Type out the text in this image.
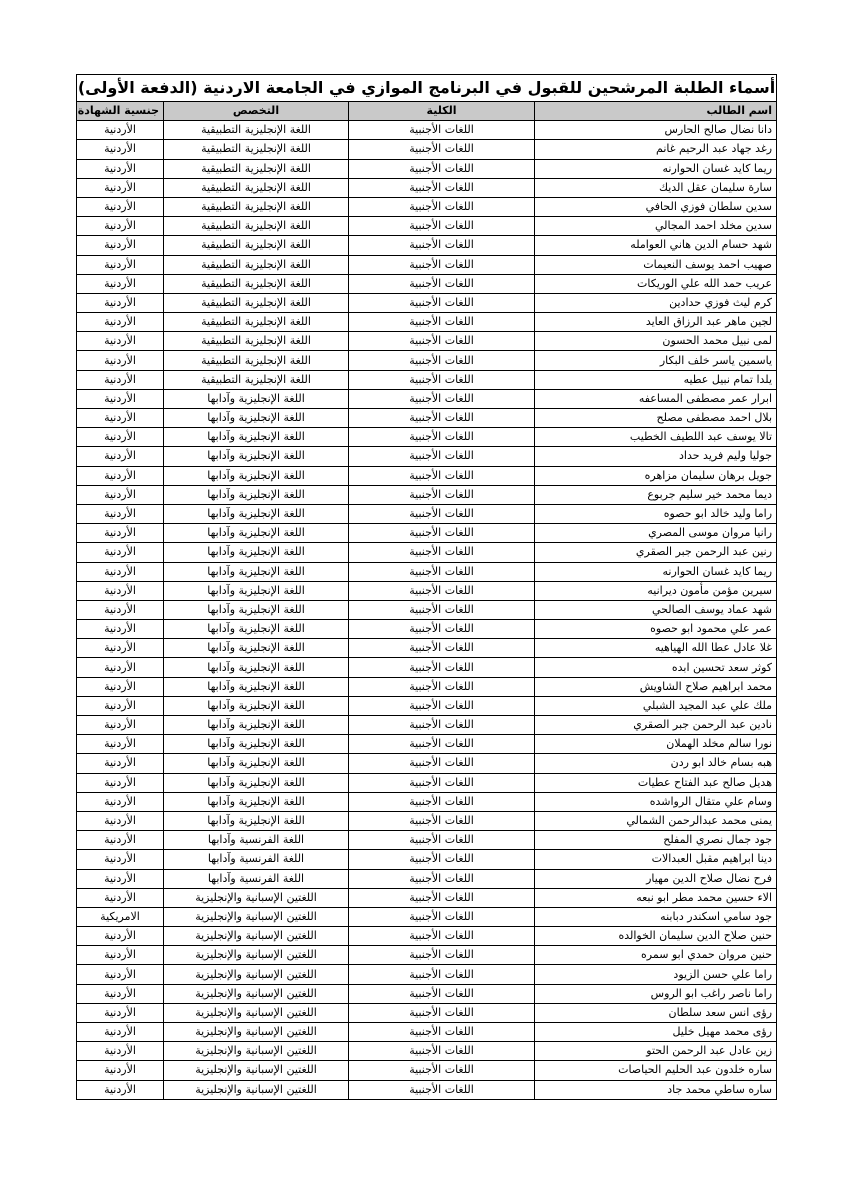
أسماء الطلبة المرشحين للقبول في البرنامج الموازي في الجامعة الاردنية (الدفعة الأولى)			
اسم الطالب	الكلية	التخصص	جنسية الشهادة
دانا نضال صالح الحارس	اللغات الأجنبية	اللغة الإنجليزية التطبيقية	الأردنية
رغد جهاد عبد الرحيم غانم	اللغات الأجنبية	اللغة الإنجليزية التطبيقية	الأردنية
ريما كايد غسان الحوارنه	اللغات الأجنبية	اللغة الإنجليزية التطبيقية	الأردنية
سارة سليمان عقل الديك	اللغات الأجنبية	اللغة الإنجليزية التطبيقية	الأردنية
سدين سلطان فوزي الحافي	اللغات الأجنبية	اللغة الإنجليزية التطبيقية	الأردنية
سدين مخلد احمد المجالي	اللغات الأجنبية	اللغة الإنجليزية التطبيقية	الأردنية
شهد حسام الدين هاني العوامله	اللغات الأجنبية	اللغة الإنجليزية التطبيقية	الأردنية
صهيب احمد يوسف النعيمات	اللغات الأجنبية	اللغة الإنجليزية التطبيقية	الأردنية
عريب حمد الله علي الوريكات	اللغات الأجنبية	اللغة الإنجليزية التطبيقية	الأردنية
كرم ليث فوزي حدادين	اللغات الأجنبية	اللغة الإنجليزية التطبيقية	الأردنية
لجين ماهر عبد الرزاق العايد	اللغات الأجنبية	اللغة الإنجليزية التطبيقية	الأردنية
لمى نبيل محمد الحسون	اللغات الأجنبية	اللغة الإنجليزية التطبيقية	الأردنية
ياسمين ياسر خلف البكار	اللغات الأجنبية	اللغة الإنجليزية التطبيقية	الأردنية
يلدا تمام نبيل عطيه	اللغات الأجنبية	اللغة الإنجليزية التطبيقية	الأردنية
ابرار عمر مصطفى المساعفه	اللغات الأجنبية	اللغة الإنجليزية وآدابها	الأردنية
بلال احمد مصطفى مصلح	اللغات الأجنبية	اللغة الإنجليزية وآدابها	الأردنية
تالا يوسف عبد اللطيف الخطيب	اللغات الأجنبية	اللغة الإنجليزية وآدابها	الأردنية
جوليا وليم فريد حداد	اللغات الأجنبية	اللغة الإنجليزية وآدابها	الأردنية
جويل برهان سليمان مزاهره	اللغات الأجنبية	اللغة الإنجليزية وآدابها	الأردنية
ديما محمد خير سليم جربوع	اللغات الأجنبية	اللغة الإنجليزية وآدابها	الأردنية
راما وليد خالد ابو حصوه	اللغات الأجنبية	اللغة الإنجليزية وآدابها	الأردنية
رانيا مروان موسى المصري	اللغات الأجنبية	اللغة الإنجليزية وآدابها	الأردنية
رنين عبد الرحمن جبر الصقري	اللغات الأجنبية	اللغة الإنجليزية وآدابها	الأردنية
ريما كايد غسان الحوارنه	اللغات الأجنبية	اللغة الإنجليزية وآدابها	الأردنية
سيرين مؤمن مأمون ديرانيه	اللغات الأجنبية	اللغة الإنجليزية وآدابها	الأردنية
شهد عماد يوسف الصالحي	اللغات الأجنبية	اللغة الإنجليزية وآدابها	الأردنية
عمر علي محمود ابو حصوه	اللغات الأجنبية	اللغة الإنجليزية وآدابها	الأردنية
غلا عادل عطا الله الهياهيه	اللغات الأجنبية	اللغة الإنجليزية وآدابها	الأردنية
كوثر سعد تحسين ابده	اللغات الأجنبية	اللغة الإنجليزية وآدابها	الأردنية
محمد ابراهيم صلاح الشاويش	اللغات الأجنبية	اللغة الإنجليزية وآدابها	الأردنية
ملك علي عبد المجيد الشبلي	اللغات الأجنبية	اللغة الإنجليزية وآدابها	الأردنية
نادين عبد الرحمن جبر الصقري	اللغات الأجنبية	اللغة الإنجليزية وآدابها	الأردنية
نورا سالم مخلد الهملان	اللغات الأجنبية	اللغة الإنجليزية وآدابها	الأردنية
هبه بسام خالد ابو ردن	اللغات الأجنبية	اللغة الإنجليزية وآدابها	الأردنية
هديل صالح عبد الفتاح عطيات	اللغات الأجنبية	اللغة الإنجليزية وآدابها	الأردنية
وسام علي متقال الرواشده	اللغات الأجنبية	اللغة الإنجليزية وآدابها	الأردنية
يمنى محمد عبدالرحمن الشمالي	اللغات الأجنبية	اللغة الإنجليزية وآدابها	الأردنية
جود جمال نصري المفلح	اللغات الأجنبية	اللغة الفرنسية وآدابها	الأردنية
دينا ابراهيم مقبل العبدالات	اللغات الأجنبية	اللغة الفرنسية وآدابها	الأردنية
فرح نضال صلاح الدين مهيار	اللغات الأجنبية	اللغة الفرنسية وآدابها	الأردنية
الاء حسين محمد مطر ابو نبعه	اللغات الأجنبية	اللغتين الإسبانية والإنجليزية	الأردنية
جود سامي اسكندر دبابنه	اللغات الأجنبية	اللغتين الإسبانية والإنجليزية	الامريكية
حنين صلاح الدين سليمان الخوالده	اللغات الأجنبية	اللغتين الإسبانية والإنجليزية	الأردنية
حنين مروان حمدي ابو سمره	اللغات الأجنبية	اللغتين الإسبانية والإنجليزية	الأردنية
راما علي حسن الزيود	اللغات الأجنبية	اللغتين الإسبانية والإنجليزية	الأردنية
راما ناصر راغب ابو الروس	اللغات الأجنبية	اللغتين الإسبانية والإنجليزية	الأردنية
رؤى انس سعد سلطان	اللغات الأجنبية	اللغتين الإسبانية والإنجليزية	الأردنية
رؤى محمد مهيل خليل	اللغات الأجنبية	اللغتين الإسبانية والإنجليزية	الأردنية
زين عادل عبد الرحمن الحتو	اللغات الأجنبية	اللغتين الإسبانية والإنجليزية	الأردنية
ساره خلدون عبد الحليم الحياصات	اللغات الأجنبية	اللغتين الإسبانية والإنجليزية	الأردنية
ساره ساطي محمد جاد	اللغات الأجنبية	اللغتين الإسبانية والإنجليزية	الأردنية
